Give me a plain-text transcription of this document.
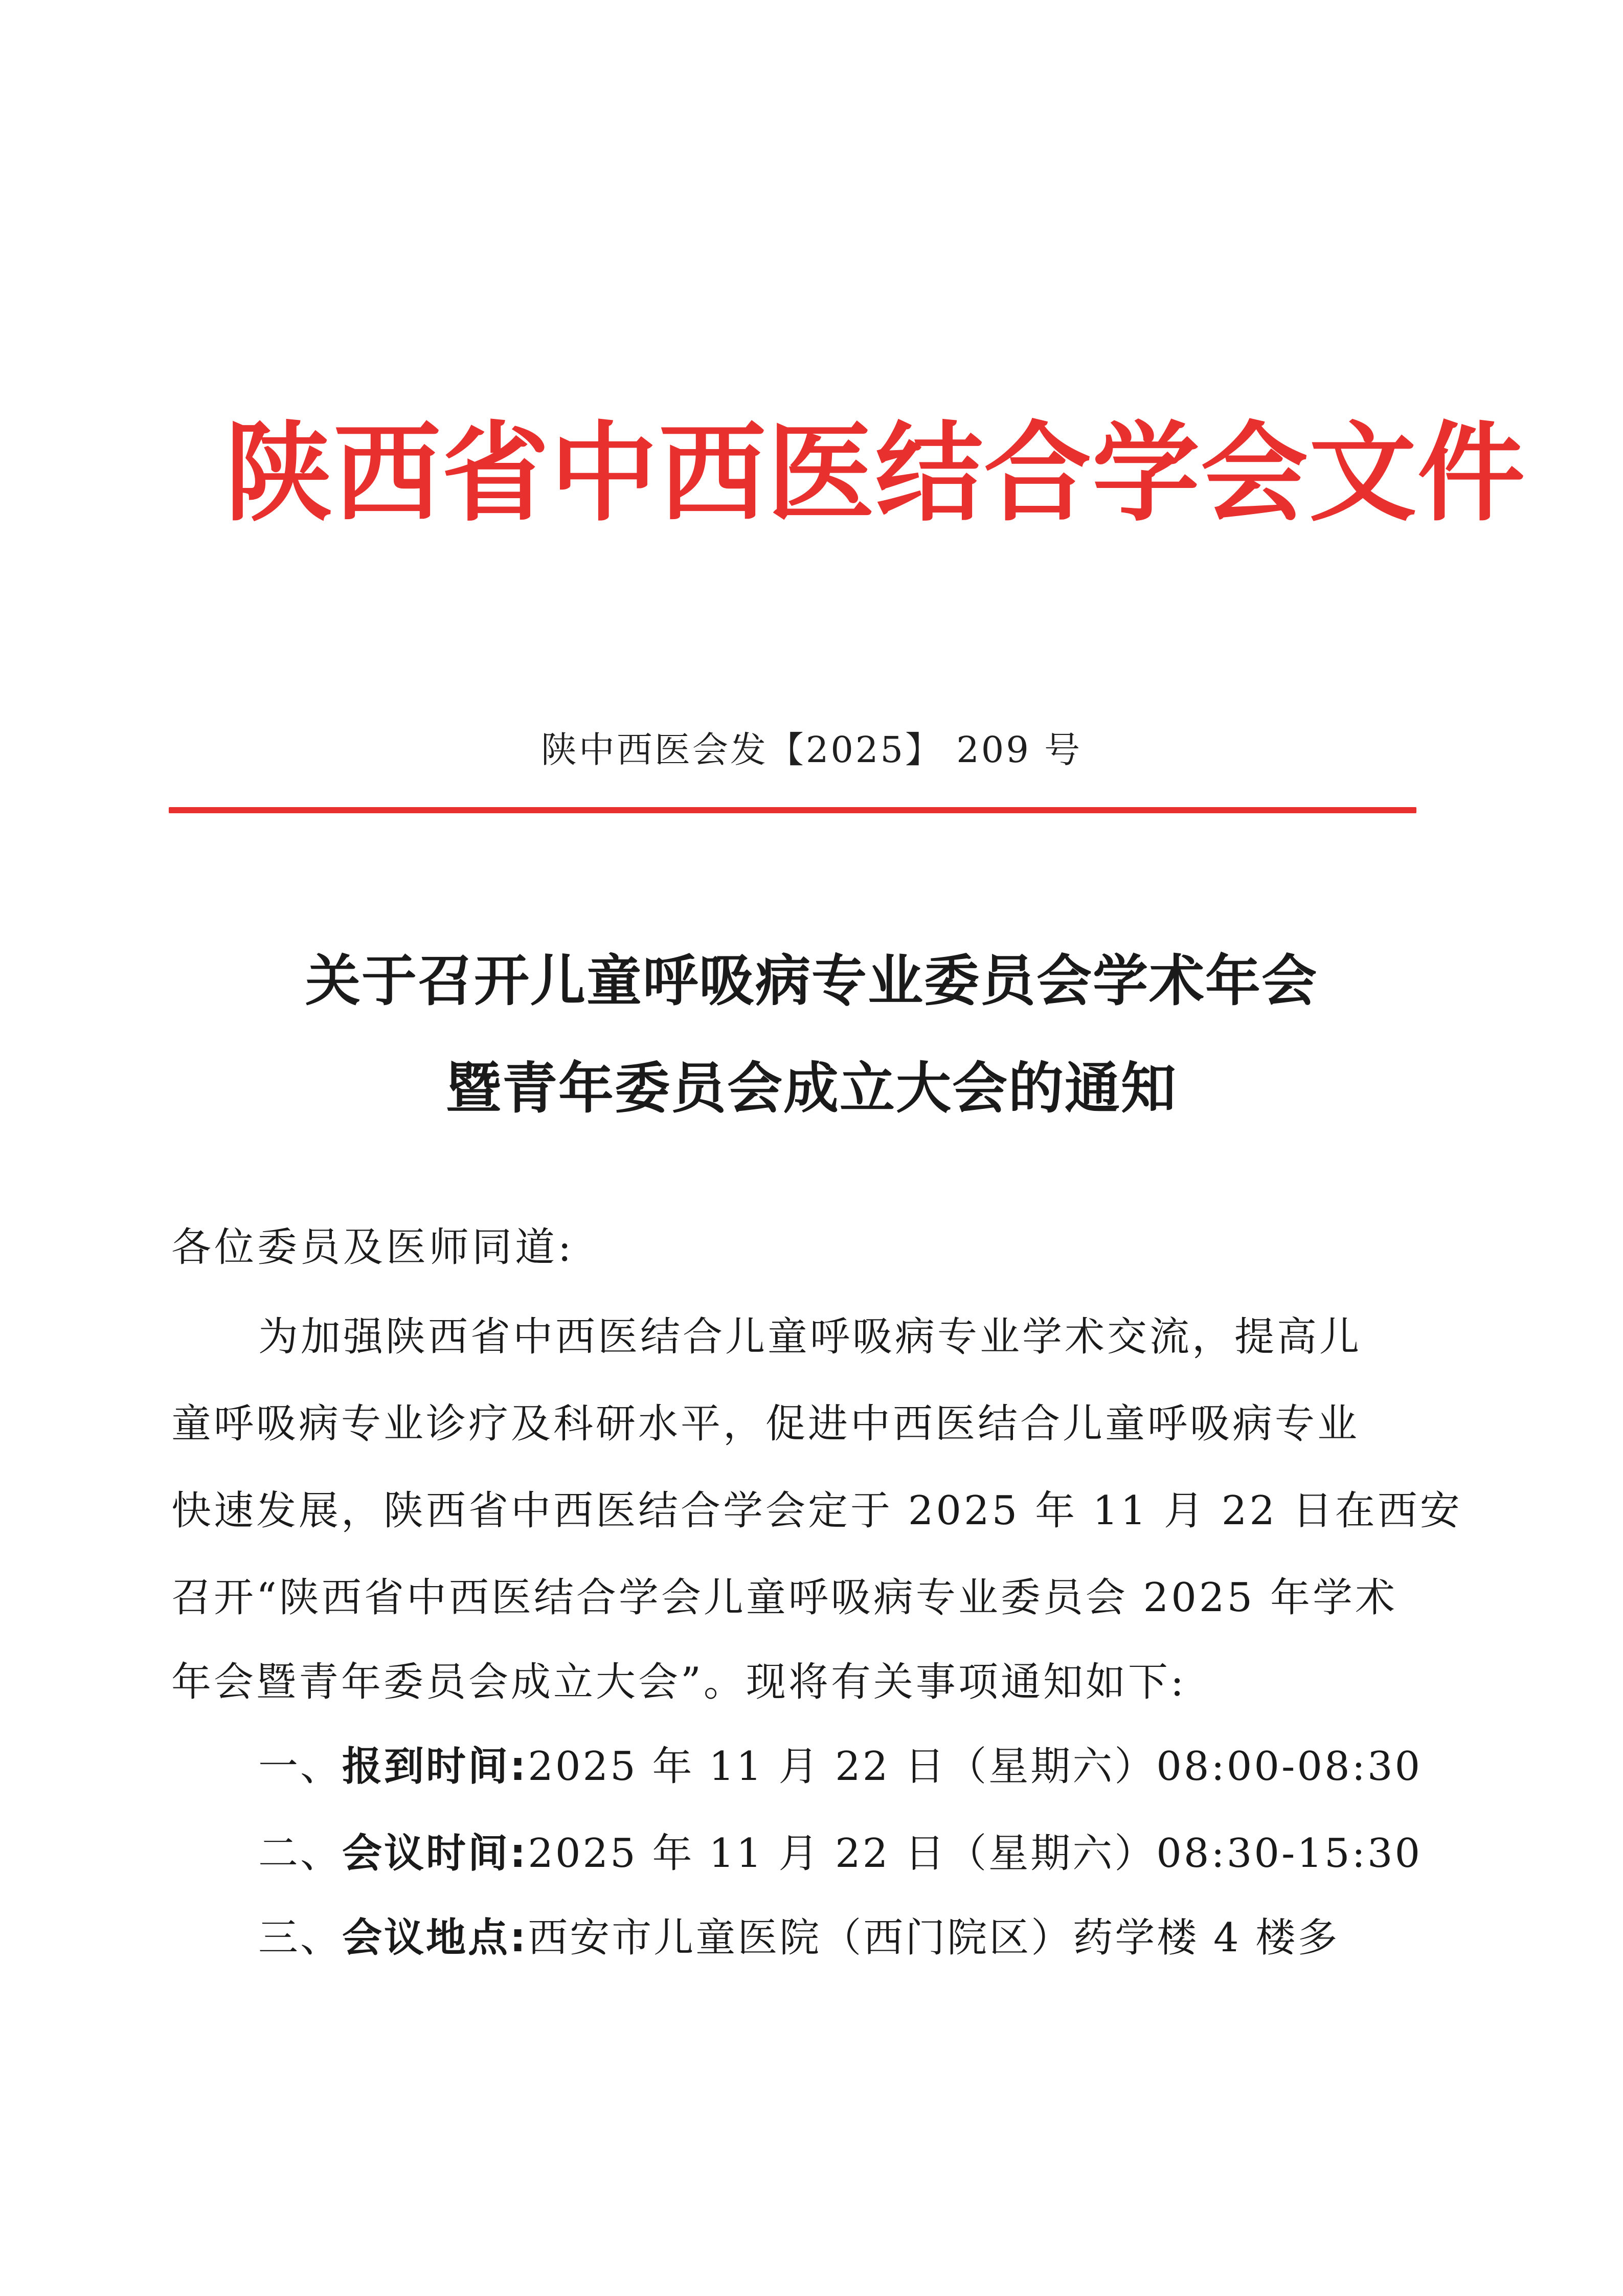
陕西省中西医结合学会文件
陕中西医会发【2025】 209 号
关于召开儿童呼吸病专业委员会学术年会
暨青年委员会成立大会的通知
各位委员及医师同道:
为加强陕西省中西医结合儿童呼吸病专业学术交流，提高儿
童呼吸病专业诊疗及科研水平，促进中西医结合儿童呼吸病专业
快速发展，陕西省中西医结合学会定于 2025 年 11 月 22 日在西安
召开“陕西省中西医结合学会儿童呼吸病专业委员会 2025 年学术
年会暨青年委员会成立大会”。现将有关事项通知如下:
一、报到时间:2025 年 11 月 22 日（星期六）08:00-08:30
二、会议时间:2025 年 11 月 22 日（星期六）08:30-15:30
三、会议地点:西安市儿童医院（西门院区）药学楼 4 楼多
